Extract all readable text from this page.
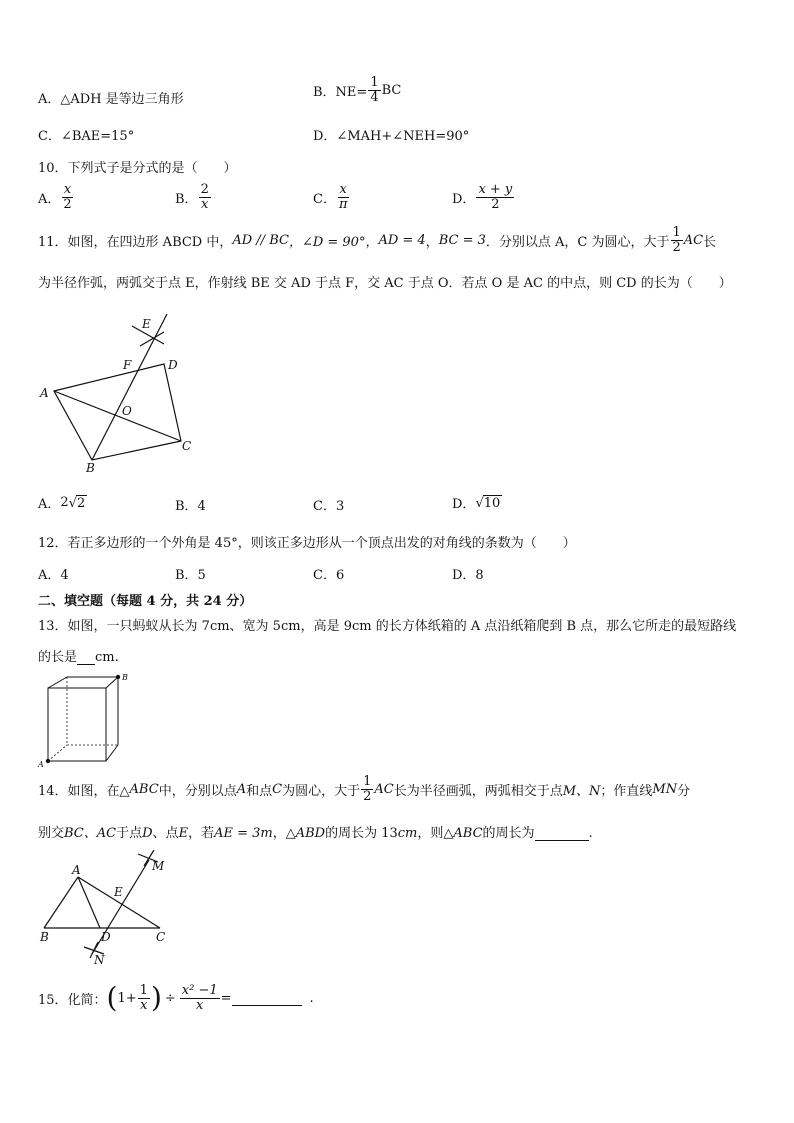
A．△ADH 是等边三角形	B．$NE= \frac{1}{4}$ BC
C．∠BAE=15°	D．∠MAH+∠NEH=90°
10．下列式子是分式的是（　　）
A． $\frac{x}{2}$	B． $\frac{2}{x}$	C． $\frac{x}{\pi}$	D． $\frac{x + y}{2}$
11．如图，在四边形 ABCD 中， AD // BC ，∠D = 90°， AD = 4 ， BC = 3 ．分别以点 A，C 为圆心，大于 $\frac{1}{2}$ AC 长
为半径作弧，两弧交于点 E，作射线 BE 交 AD 于点 F，交 AC 于点 O．若点 O 是 AC 的中点，则 CD 的长为（　　）
E
F	D
A
O
C
B
A． 2 √ 2	B．4	C．3	D． √ 10
12．若正多边形的一个外角是 45°，则该正多边形从一个顶点出发的对角线的条数为（　　）
A．4	B．5	C．6	D．8
二、填空题（每题 4 分，共 24 分）
13．如图，一只蚂蚁从长为 7cm、宽为 5cm，高是 9cm 的长方体纸箱的 A 点沿纸箱爬到 B 点，那么它所走的最短路线
的长是 cm.
B
A
14．如图，在△ ABC 中，分别以点 A 和点 C 为圆心，大于 $\frac{1}{2}$ AC 长为半径画弧，两弧相交于点 M、N ；作直线 MN 分
别交 BC、AC 于点 D 、点 E ，若 AE = 3m ，△ ABD 的周长为 13 cm ，则△ ABC 的周长为	.
M
A
E
B	D	C
N
15．化简： ( $1+ \frac{1}{x}$ ) ÷ $\frac{\text{x² −1}}{x}$ =	.
